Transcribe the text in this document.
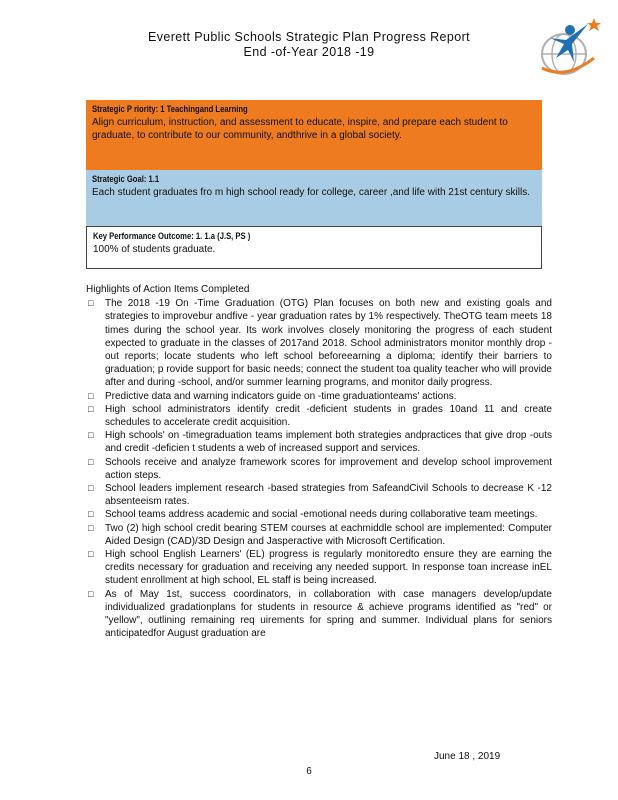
Everett Public Schools Strategic Plan Progress Report
End -of-Year 2018 -19
Strategic P riority: 1 Teachingand Learning
Align curriculum, instruction, and assessment to educate, inspire, and prepare each student to graduate, to contribute to our community, andthrive in a global society.
Strategic Goal: 1.1
Each student graduates fro m high school ready for college, career ,and life with 21st century skills.
Key Performance Outcome: 1. 1.a (J.S, PS )
100% of students graduate.
Highlights of Action Items Completed
□ The 2018 -19 On -Time Graduation (OTG) Plan focuses on both new and existing goals and strategies to improvebur andfive - year graduation rates by 1% respectively. TheOTG team meets 18 times during the school year. Its work involves closely monitoring the progress of each student expected to graduate in the classes of 2017and 2018. School administrators monitor monthly drop -out reports; locate students who left school beforeearning a diploma; identify their barriers to graduation; p rovide support for basic needs; connect the student toa quality teacher who will provide after and during -school, and/or summer learning programs, and monitor daily progress.
□ Predictive data and warning indicators guide on -time graduationteams' actions.
□ High school administrators identify credit -deficient students in grades 10and 11 and create schedules to accelerate credit acquisition.
□ High schools' on -timegraduation teams implement both strategies andpractices that give drop -outs and credit -deficien t students a web of increased support and services.
□ Schools receive and analyze framework scores for improvement and develop school improvement action steps.
□ School leaders implement research -based strategies from SafeandCivil Schools to decrease K -12 absenteeism rates.
□ School teams address academic and social -emotional needs during collaborative team meetings.
□ Two (2) high school credit bearing STEM courses at eachmiddle school are implemented: Computer Aided Design (CAD)/3D Design and Jasperactive with Microsoft Certification.
□ High school English Learners' (EL) progress is regularly monitoredto ensure they are earning the credits necessary for graduation and receiving any needed support. In response toan increase inEL student enrollment at high school, EL staff is being increased.
□ As of May 1st, success coordinators, in collaboration with case managers develop/update individualized gradationplans for students in resource & achieve programs identified as "red" or "yellow", outlining remaining req uirements for spring and summer. Individual plans for seniors anticipatedfor August graduation are
June 18 , 2019
6
